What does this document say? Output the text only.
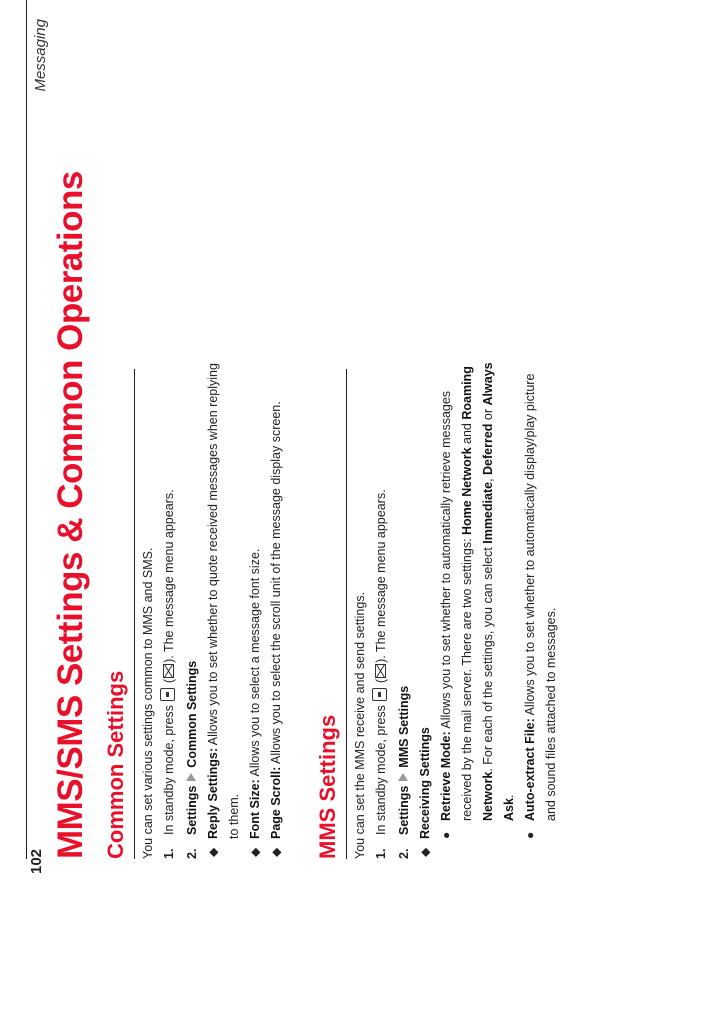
Messaging
102
MMS/SMS Settings & Common Operations Common Settings You can set various settings common to MMS and SMS. 1.
In standby mode, press  (). The message menu appears.
2.
SettingsCommon Settings
◆
Reply Settings: Allows you to set whether to quote received messages when replying to them.
◆
Font Size: Allows you to select a message font size.
◆
Page Scroll: Allows you to select the scroll unit of the message display screen.
MMS Settings You can set the MMS receive and send settings. 1.
In standby mode, press  (). The message menu appears.
2.
SettingsMMS Settings
◆
Receiving Settings ●
Retrieve Mode: Allows you to set whether to automatically retrieve messages received by the mail server. There are two settings: Home Network and Roaming Network. For each of the settings, you can select Immediate, Deferred or Always Ask.
●
Auto-extract File: Allows you to set whether to automatically display/play picture and sound files attached to messages.
